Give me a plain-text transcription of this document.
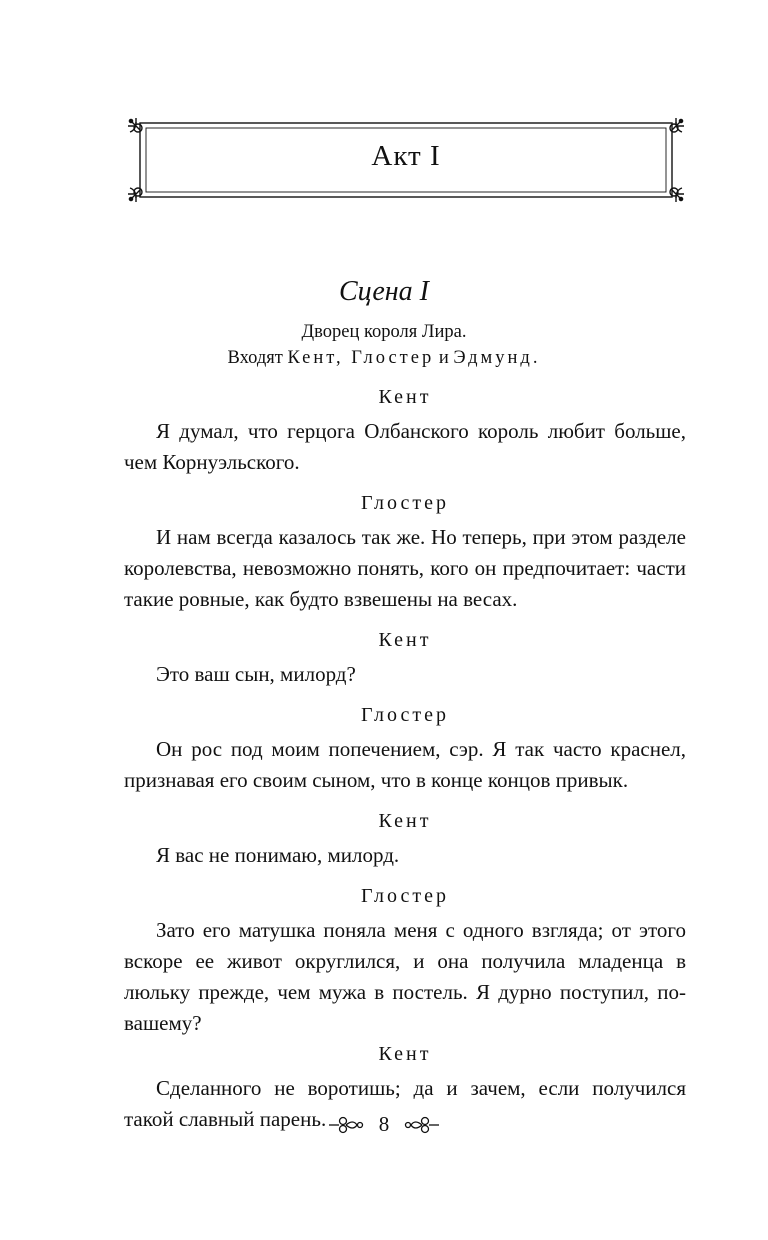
Акт I
Сцена I
Дворец короля Лира.
Входят Кент, Глостер и Эдмунд.
Кент

Я думал, что герцога Олбанского король любит больше, чем Корнуэльского.

Глостер

И нам всегда казалось так же. Но теперь, при этом разделе королевства, невозможно понять, кого он предпочитает: части такие ровные, как будто взвешены на весах.

Кент

Это ваш сын, милорд?

Глостер

Он рос под моим попечением, сэр. Я так часто краснел, признавая его своим сыном, что в конце концов привык.

Кент

Я вас не понимаю, милорд.

Глостер

Зато его матушка поняла меня с одного взгляда; от этого вскоре ее живот округлился, и она получила младенца в люльку прежде, чем мужа в постель. Я дурно поступил, по-вашему?

Кент

Сделанного не воротишь; да и зачем, если получился такой славный парень.	8
